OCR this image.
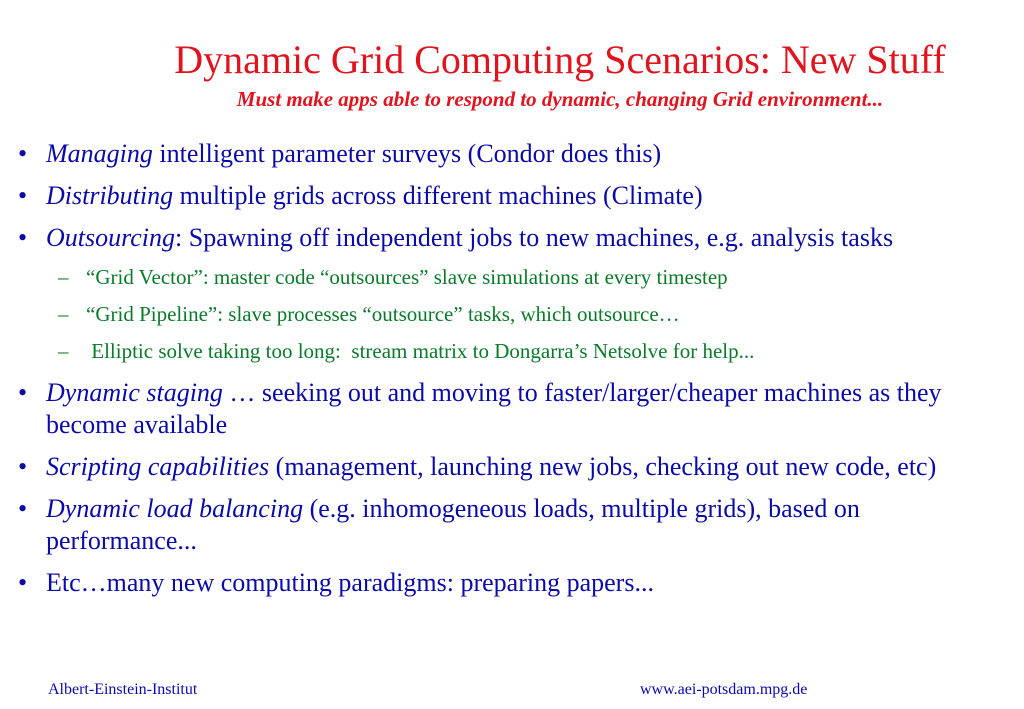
Dynamic Grid Computing Scenarios: New Stuff
Must make apps able to respond to dynamic, changing Grid environment...
• Managing intelligent parameter surveys (Condor does this)
• Distributing multiple grids across different machines (Climate)
• Outsourcing: Spawning off independent jobs to new machines, e.g. analysis tasks
– “Grid Vector”: master code “outsources” slave simulations at every timestep
– “Grid Pipeline”: slave processes “outsource” tasks, which outsource…
– Elliptic solve taking too long:  stream matrix to Dongarra’s Netsolve for help...
• Dynamic staging … seeking out and moving to faster/larger/cheaper machines as they become available
• Scripting capabilities (management, launching new jobs, checking out new code, etc)
• Dynamic load balancing (e.g. inhomogeneous loads, multiple grids), based on performance...
• Etc…many new computing paradigms: preparing papers...
Albert-Einstein-Institut	www.aei-potsdam.mpg.de
